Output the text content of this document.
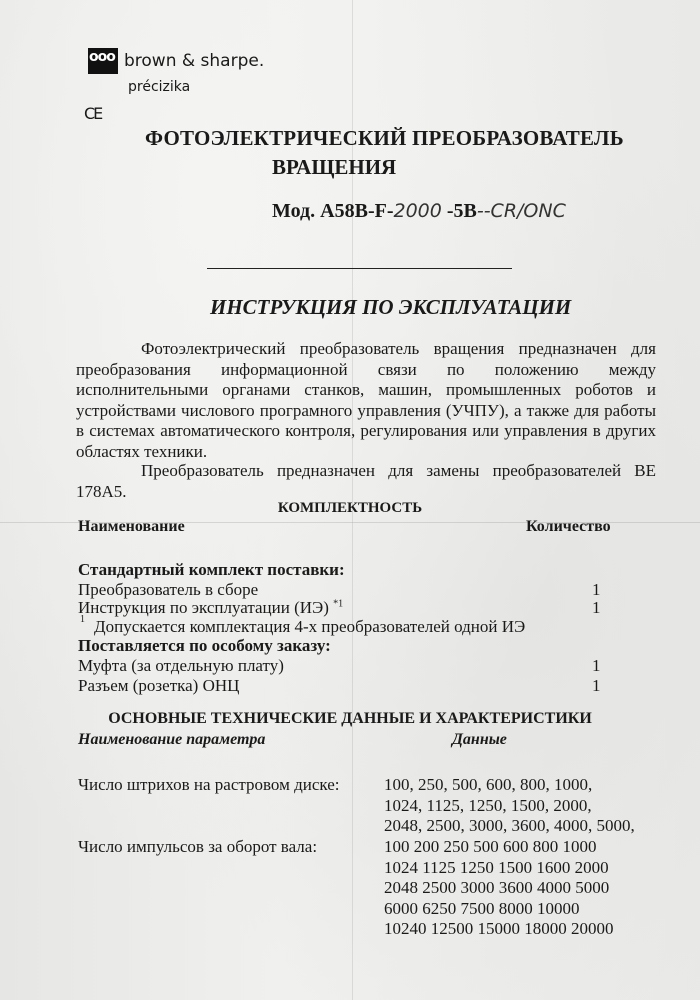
ooo brown & sharpe.
précizika
CE
ФОТОЭЛЕКТРИЧЕСКИЙ ПРЕОБРАЗОВАТЕЛЬ
ВРАЩЕНИЯ
Мод. A58B-F-2000 -5B--CR/ONC
ИНСТРУКЦИЯ ПО ЭКСПЛУАТАЦИИ
Фотоэлектрический преобразователь вращения предназначен для преобразования информационной связи по положению между исполнительными органами станков, машин, промышленных роботов и устройствами числового програмного управления (УЧПУ), а также для работы в системах автоматического контроля, регулирования или управления в других областях техники.
Преобразователь предназначен для замены преобразователей BE 178A5.
КОМПЛЕКТНОСТЬ
Наименование	Количество
Стандартный комплект поставки:
Преобразователь в сборе	1
Инструкция по эксплуатации (ИЭ) $^{*1}$	1
1 Допускается комплектация 4-х преобразователей одной ИЭ
Поставляется по особому заказу:
Муфта (за отдельную плату)	1
Разъем (розетка) ОНЦ	1
ОСНОВНЫЕ ТЕХНИЧЕСКИЕ ДАННЫЕ И ХАРАКТЕРИСТИКИ
Наименование параметра	Данные
Число штрихов на растровом диске:	100, 250, 500, 600, 800, 1000,
1024, 1125, 1250, 1500, 2000,
2048, 2500, 3000, 3600, 4000, 5000,
Число импульсов за оборот вала:	100 200 250 500 600 800 1000
1024 1125 1250 1500 1600 2000
2048 2500 3000 3600 4000 5000
6000 6250 7500 8000 10000
10240 12500 15000 18000 20000
